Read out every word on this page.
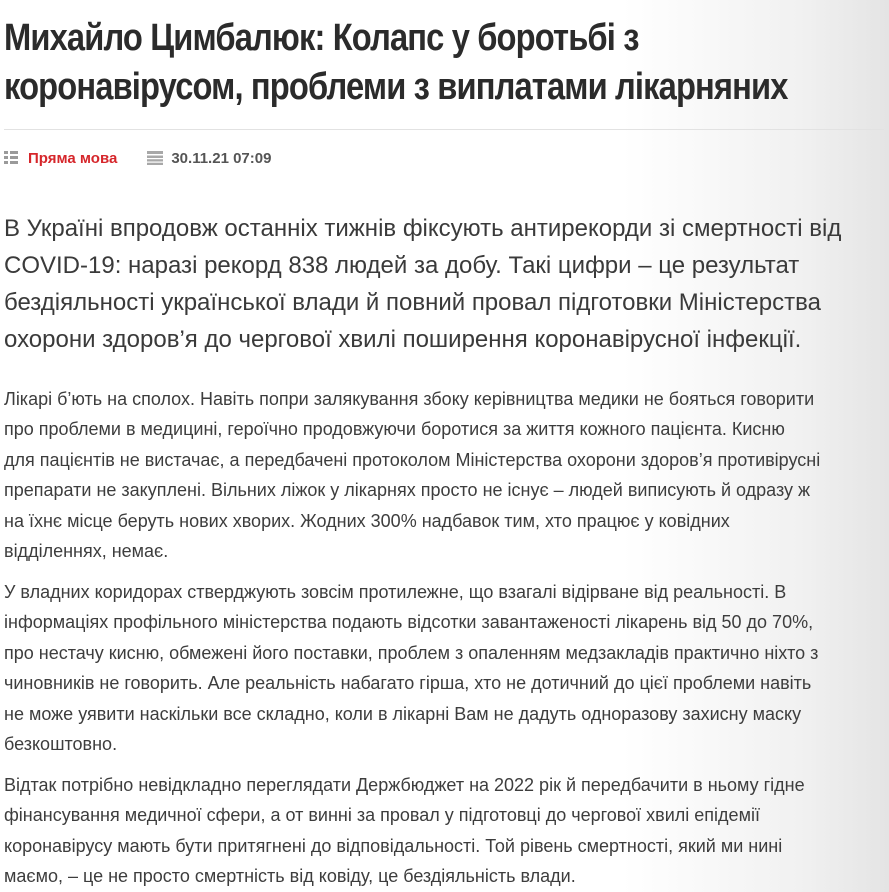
Михайло Цимбалюк: Колапс у боротьбі з
коронавірусом, проблеми з виплатами лікарняних
Пряма мова	30.11.21 07:09

В Україні впродовж останніх тижнів фіксують антирекорди зі смертності від
COVID-19: наразі рекорд 838 людей за добу. Такі цифри – це результат
бездіяльності української влади й повний провал підготовки Міністерства
охорони здоров’я до чергової хвилі поширення коронавірусної інфекції.

Лікарі б’ють на сполох. Навіть попри залякування збоку керівництва медики не бояться говорити
про проблеми в медицині, героїчно продовжуючи боротися за життя кожного пацієнта. Кисню
для пацієнтів не вистачає, а передбачені протоколом Міністерства охорони здоров’я противірусні
препарати не закуплені. Вільних ліжок у лікарнях просто не існує – людей виписують й одразу ж
на їхнє місце беруть нових хворих. Жодних 300% надбавок тим, хто працює у ковідних
відділеннях, немає.

У владних коридорах стверджують зовсім протилежне, що взагалі відірване від реальності. В
інформаціях профільного міністерства подають відсотки завантаженості лікарень від 50 до 70%,
про нестачу кисню, обмежені його поставки, проблем з опаленням медзакладів практично ніхто з
чиновників не говорить. Але реальність набагато гірша, хто не дотичний до цієї проблеми навіть
не може уявити наскільки все складно, коли в лікарні Вам не дадуть одноразову захисну маску
безкоштовно.

Відтак потрібно невідкладно переглядати Держбюджет на 2022 рік й передбачити в ньому гідне
фінансування медичної сфери, а от винні за провал у підготовці до чергової хвилі епідемії
коронавірусу мають бути притягнені до відповідальності. Той рівень смертності, який ми нині
маємо, – це не просто смертність від ковіду, це бездіяльність влади.
